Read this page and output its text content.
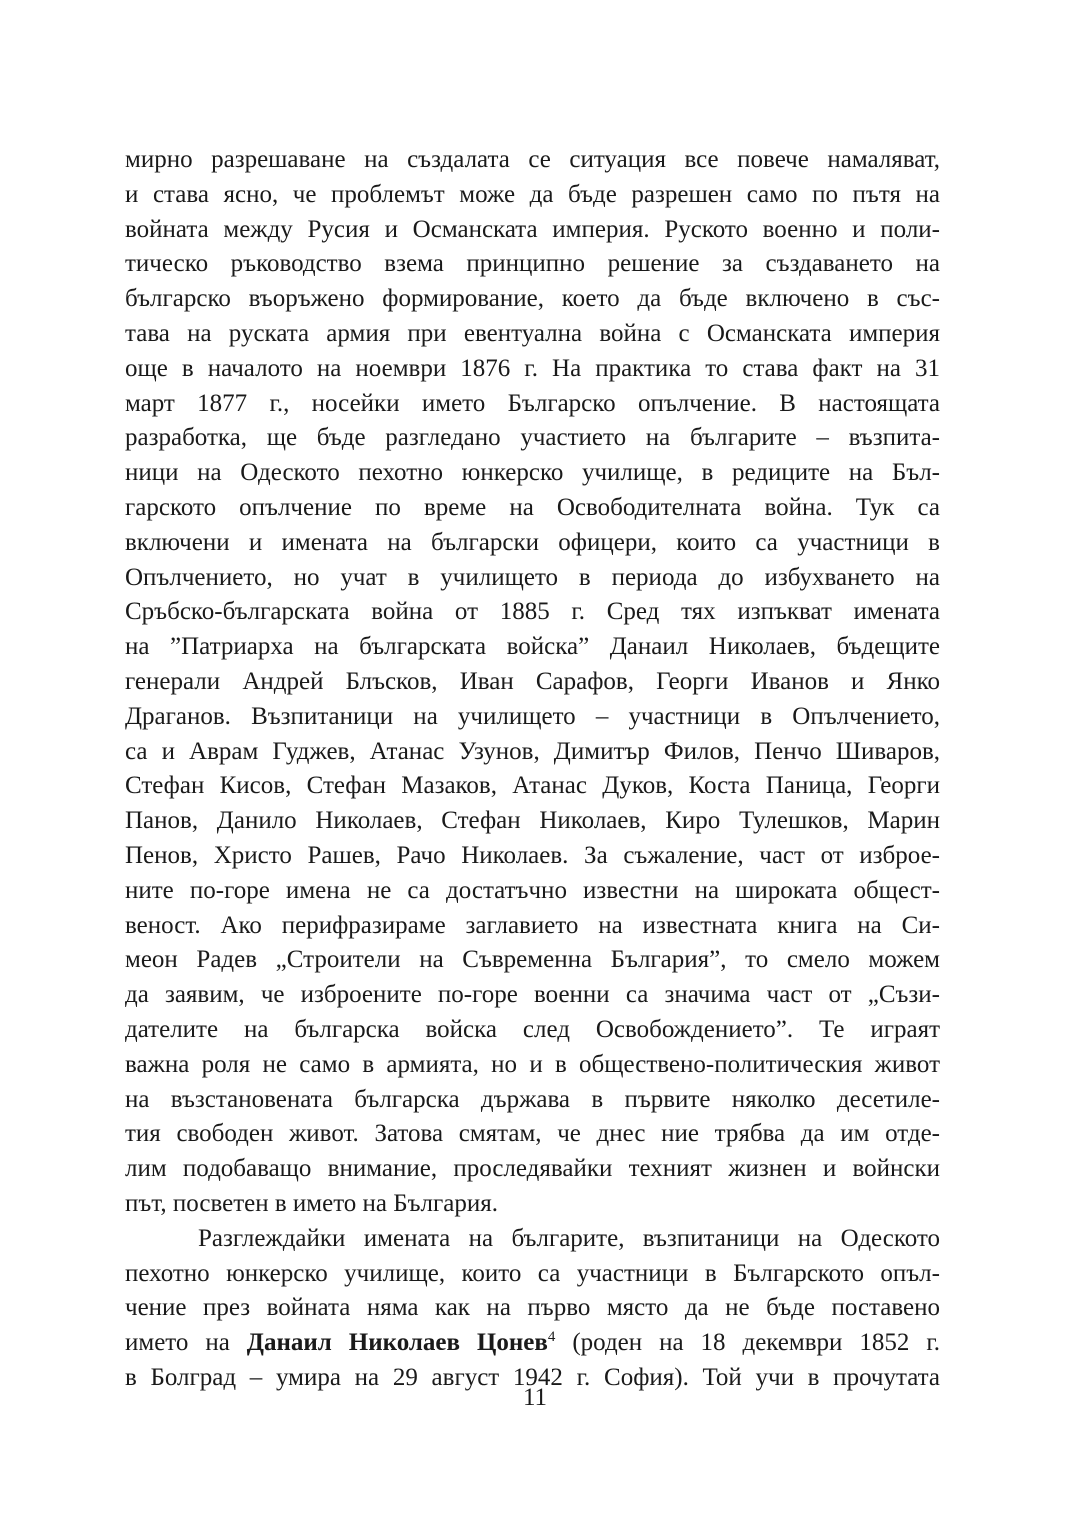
мирно разрешаване на създалата се ситуация все повече намаляват,
и става ясно, че проблемът може да бъде разрешен само по пътя на
войната между Русия и Османската империя. Руското военно и поли-
тическо ръководство взема принципно решение за създаването на
българско въоръжено формирование, което да бъде включено в със-
тава на руската армия при евентуална война с Османската империя
още в началото на ноември 1876 г. На практика то става факт на 31
март 1877 г., носейки името Българско опълчение. В настоящата
разработка, ще бъде разгледано участието на българите – възпита-
ници на Одеското пехотно юнкерско училище, в редиците на Бъл-
гарското опълчение по време на Освободителната война. Тук са
включени и имената на български офицери, които са участници в
Опълчението, но учат в училището в периода до избухването на
Сръбско-българската война от 1885 г. Сред тях изпъкват имената
на ”Патриарха на българската войска” Данаил Николаев, бъдещите
генерали Андрей Блъсков, Иван Сарафов, Георги Иванов и Янко
Драганов. Възпитаници на училището – участници в Опълчението,
са и Аврам Гуджев, Атанас Узунов, Димитър Филов, Пенчо Шиваров,
Стефан Кисов, Стефан Мазаков, Атанас Дуков, Коста Паница, Георги
Панов, Данило Николаев, Стефан Николаев, Киро Тулешков, Марин
Пенов, Христо Рашев, Рачо Николаев. За съжаление, част от изброе-
ните по-горе имена не са достатъчно известни на широката общест-
веност. Ако перифразираме заглавието на известната книга на Си-
меон Радев „Строители на Съвременна България”, то смело можем
да заявим, че изброените по-горе военни са значима част от „Съзи-
дателите на българска войска след Освобождението”. Те играят
важна роля не само в армията, но и в обществено-политическия живот
на възстановената българска държава в първите няколко десетиле-
тия свободен живот. Затова смятам, че днес ние трябва да им отде-
лим подобаващо внимание, проследявайки техният жизнен и войнски
път, посветен в името на България.
Разглеждайки имената на българите, възпитаници на Одеското
пехотно юнкерско училище, които са участници в Българското опъл-
чение през войната няма как на първо място да не бъде поставено
името на Данаил Николаев Цонев$^4$ (роден на 18 декември 1852 г.
в Болград – умира на 29 август 1942 г. София). Той учи в прочутата
11
